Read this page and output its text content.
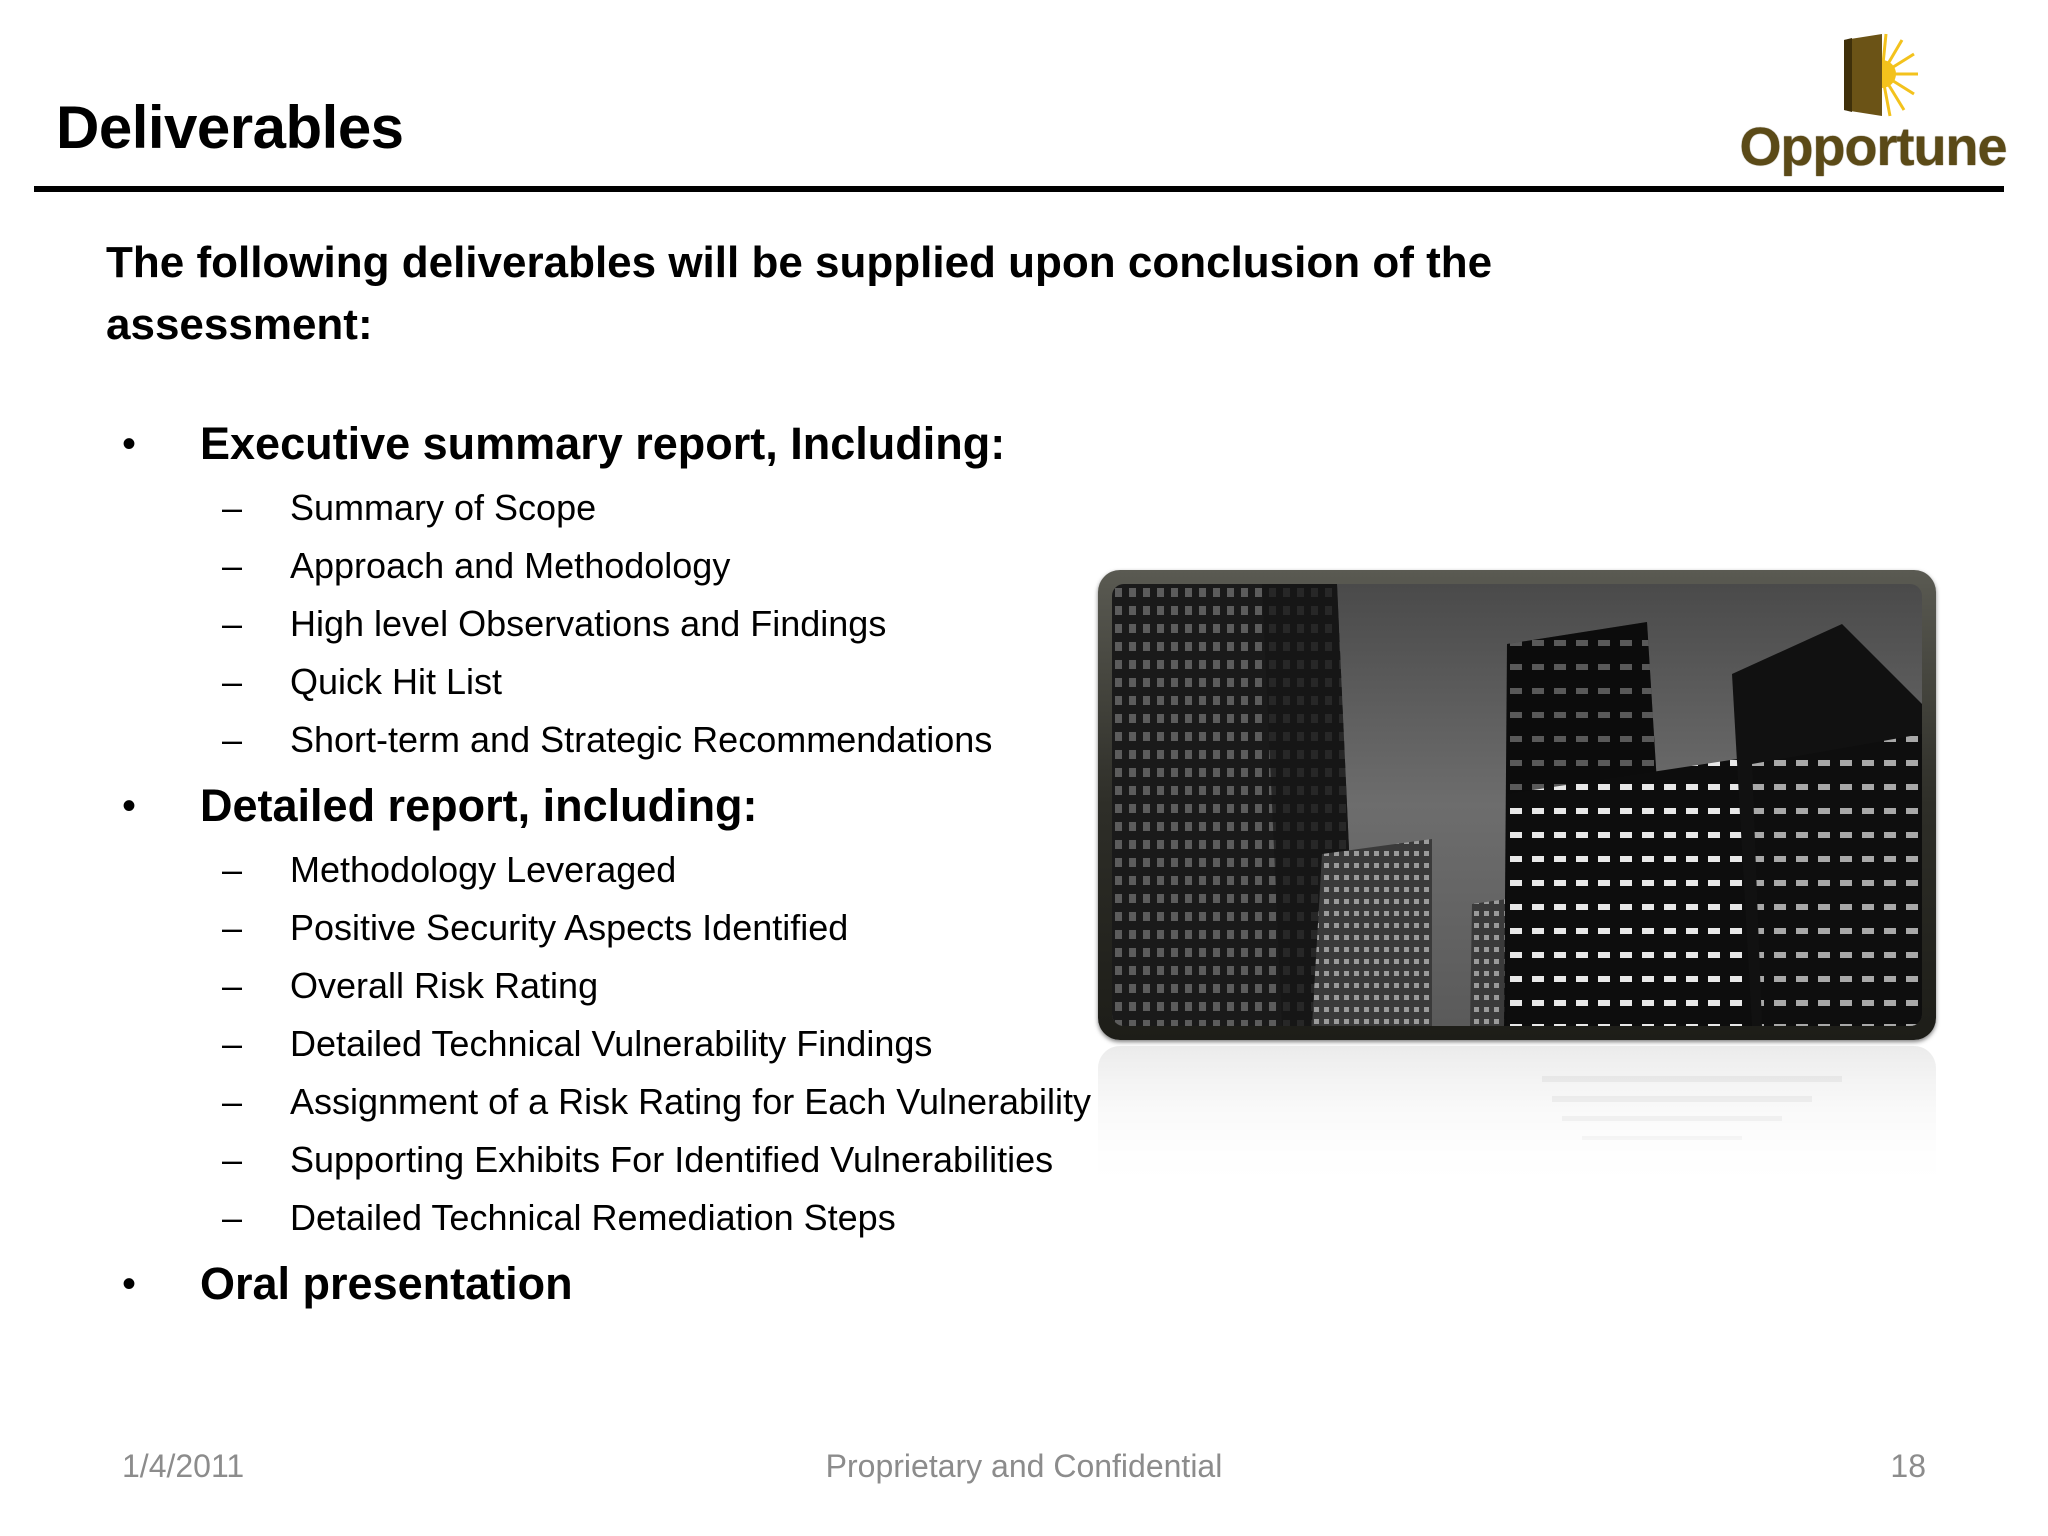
Deliverables	Opportune
The following deliverables will be supplied upon conclusion of the assessment:
• Executive summary report, Including:
– Summary of Scope
– Approach and Methodology
– High level Observations and Findings
– Quick Hit List
– Short-term and Strategic Recommendations
• Detailed report, including:
– Methodology Leveraged
– Positive Security Aspects Identified
– Overall Risk Rating
– Detailed Technical Vulnerability Findings
– Assignment of a Risk Rating for Each Vulnerability
– Supporting Exhibits For Identified Vulnerabilities
– Detailed Technical Remediation Steps
• Oral presentation
1/4/2011	Proprietary and Confidential	18
